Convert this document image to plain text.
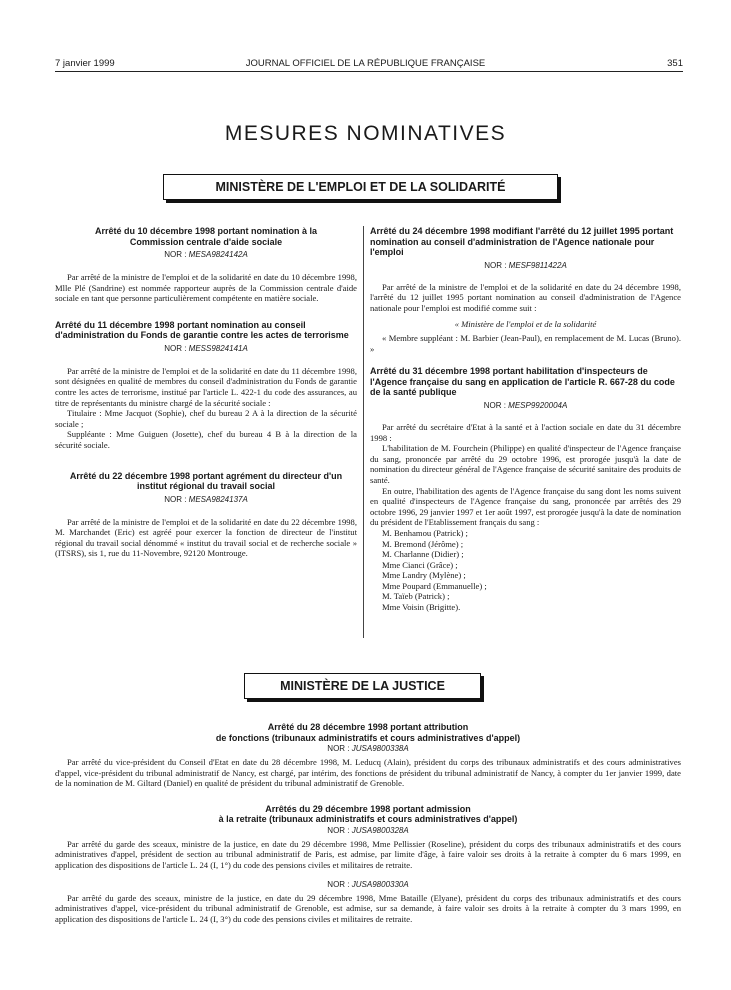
7 janvier 1999	JOURNAL OFFICIEL DE LA RÉPUBLIQUE FRANÇAISE	351
MESURES NOMINATIVES
MINISTÈRE DE L'EMPLOI ET DE LA SOLIDARITÉ
Arrêté du 10 décembre 1998 portant nomination à la Commission centrale d'aide sociale
NOR : MESA9824142A

Par arrêté de la ministre de l'emploi et de la solidarité en date du 10 décembre 1998, Mlle Plé (Sandrine) est nommée rapporteur auprès de la Commission centrale d'aide sociale en tant que personne particulièrement compétente en matière sociale.

Arrêté du 11 décembre 1998 portant nomination au conseil d'administration du Fonds de garantie contre les actes de terrorisme
NOR : MESS9824141A

Par arrêté de la ministre de l'emploi et de la solidarité en date du 11 décembre 1998, sont désignées en qualité de membres du conseil d'administration du Fonds de garantie contre les actes de terrorisme, institué par l'article L. 422-1 du code des assurances, au titre de représentants du ministre chargé de la sécurité sociale :

Titulaire : Mme Jacquot (Sophie), chef du bureau 2 A à la direction de la sécurité sociale ;

Suppléante : Mme Guiguen (Josette), chef du bureau 4 B à la direction de la sécurité sociale.

Arrêté du 22 décembre 1998 portant agrément du directeur d'un institut régional du travail social
NOR : MESA9824137A

Par arrêté de la ministre de l'emploi et de la solidarité en date du 22 décembre 1998, M. Marchandet (Eric) est agréé pour exercer la fonction de directeur de l'institut régional du travail social dénommé « institut du travail social et de recherche sociale » (ITSRS), sis 1, rue du 11-Novembre, 92120 Montrouge.

Arrêté du 24 décembre 1998 modifiant l'arrêté du 12 juillet 1995 portant nomination au conseil d'administration de l'Agence nationale pour l'emploi
NOR : MESF9811422A

Par arrêté de la ministre de l'emploi et de la solidarité en date du 24 décembre 1998, l'arrêté du 12 juillet 1995 portant nomination au conseil d'administration de l'Agence nationale pour l'emploi est modifié comme suit :

« Ministère de l'emploi et de la solidarité

« Membre suppléant : M. Barbier (Jean-Paul), en remplacement de M. Lucas (Bruno). »

Arrêté du 31 décembre 1998 portant habilitation d'inspecteurs de l'Agence française du sang en application de l'article R. 667-28 du code de la santé publique
NOR : MESP9920004A

Par arrêté du secrétaire d'Etat à la santé et à l'action sociale en date du 31 décembre 1998 :

L'habilitation de M. Fourchein (Philippe) en qualité d'inspecteur de l'Agence française du sang, prononcée par arrêté du 29 octobre 1996, est prorogée jusqu'à la date de nomination du directeur général de l'Agence française de sécurité sanitaire des produits de santé.

En outre, l'habilitation des agents de l'Agence française du sang dont les noms suivent en qualité d'inspecteurs de l'Agence française du sang, prononcée par arrêtés des 29 octobre 1996, 29 janvier 1997 et 1er août 1997, est prorogée jusqu'à la date de nomination du président de l'Etablissement français du sang :

M. Benhamou (Patrick) ;
M. Bremond (Jérôme) ;
M. Charlanne (Didier) ;
Mme Cianci (Grâce) ;
Mme Landry (Mylène) ;
Mme Poupard (Emmanuelle) ;
M. Taïeb (Patrick) ;
Mme Voisin (Brigitte).
MINISTÈRE DE LA JUSTICE
Arrêté du 28 décembre 1998 portant attribution
de fonctions (tribunaux administratifs et cours administratives d'appel)
NOR : JUSA9800338A

Par arrêté du vice-président du Conseil d'Etat en date du 28 décembre 1998, M. Leducq (Alain), président du corps des tribunaux administratifs et des cours administratives d'appel, vice-président du tribunal administratif de Nancy, est chargé, par intérim, des fonctions de président du tribunal administratif de Nancy, à compter du 1er janvier 1999, date de la nomination de M. Giltard (Daniel) en qualité de président du tribunal administratif de Grenoble.

Arrêtés du 29 décembre 1998 portant admission
à la retraite (tribunaux administratifs et cours administratives d'appel)
NOR : JUSA9800328A

Par arrêté du garde des sceaux, ministre de la justice, en date du 29 décembre 1998, Mme Pellissier (Roseline), président du corps des tribunaux administratifs et des cours administratives d'appel, président de section au tribunal administratif de Paris, est admise, par limite d'âge, à faire valoir ses droits à la retraite à compter du 6 mars 1999, en application des dispositions de l'article L. 24 (I, 1°) du code des pensions civiles et militaires de retraite.

NOR : JUSA9800330A

Par arrêté du garde des sceaux, ministre de la justice, en date du 29 décembre 1998, Mme Bataille (Elyane), président du corps des tribunaux administratifs et des cours administratives d'appel, vice-président du tribunal administratif de Grenoble, est admise, sur sa demande, à faire valoir ses droits à la retraite à compter du 3 mars 1999, en application des dispositions de l'article L. 24 (I, 3°) du code des pensions civiles et militaires de retraite.
